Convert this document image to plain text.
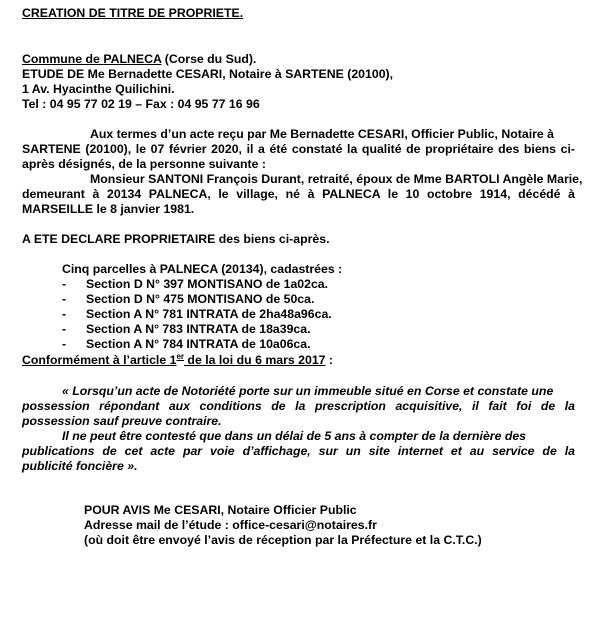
CREATION DE TITRE DE PROPRIETE.
Commune de PALNECA (Corse du Sud).
ETUDE DE Me Bernadette CESARI, Notaire à SARTENE (20100),
1 Av. Hyacinthe Quilichini.
Tel : 04 95 77 02 19 – Fax : 04 95 77 16 96
Aux termes d’un acte reçu par Me Bernadette CESARI, Officier Public, Notaire à
SARTENE (20100), le 07 février 2020, il a été constaté la qualité de propriétaire des biens ci-
après désignés, de la personne suivante :
Monsieur SANTONI François Durant, retraité, époux de Mme BARTOLI Angèle Marie,
demeurant à 20134 PALNECA, le village, né à PALNECA le 10 octobre 1914, décédé à
MARSEILLE le 8 janvier 1981.
A ETE DECLARE PROPRIETAIRE des biens ci-après.
Cinq parcelles à PALNECA (20134), cadastrées :
- Section D N° 397 MONTISANO de 1a02ca.
- Section D N° 475 MONTISANO de 50ca.
- Section A N° 781 INTRATA de 2ha48a96ca.
- Section A N° 783 INTRATA de 18a39ca.
- Section A N° 784 INTRATA de 10a06ca.
Conformément à l’article 1er de la loi du 6 mars 2017 :
« Lorsqu’un acte de Notoriété porte sur un immeuble situé en Corse et constate une
possession répondant aux conditions de la prescription acquisitive, il fait foi de la
possession sauf preuve contraire.
Il ne peut être contesté que dans un délai de 5 ans à compter de la dernière des
publications de cet acte par voie d’affichage, sur un site internet et au service de la
publicité foncière ».
POUR AVIS Me CESARI, Notaire Officier Public
Adresse mail de l’étude : office-cesari@notaires.fr
(où doit être envoyé l’avis de réception par la Préfecture et la C.T.C.)
